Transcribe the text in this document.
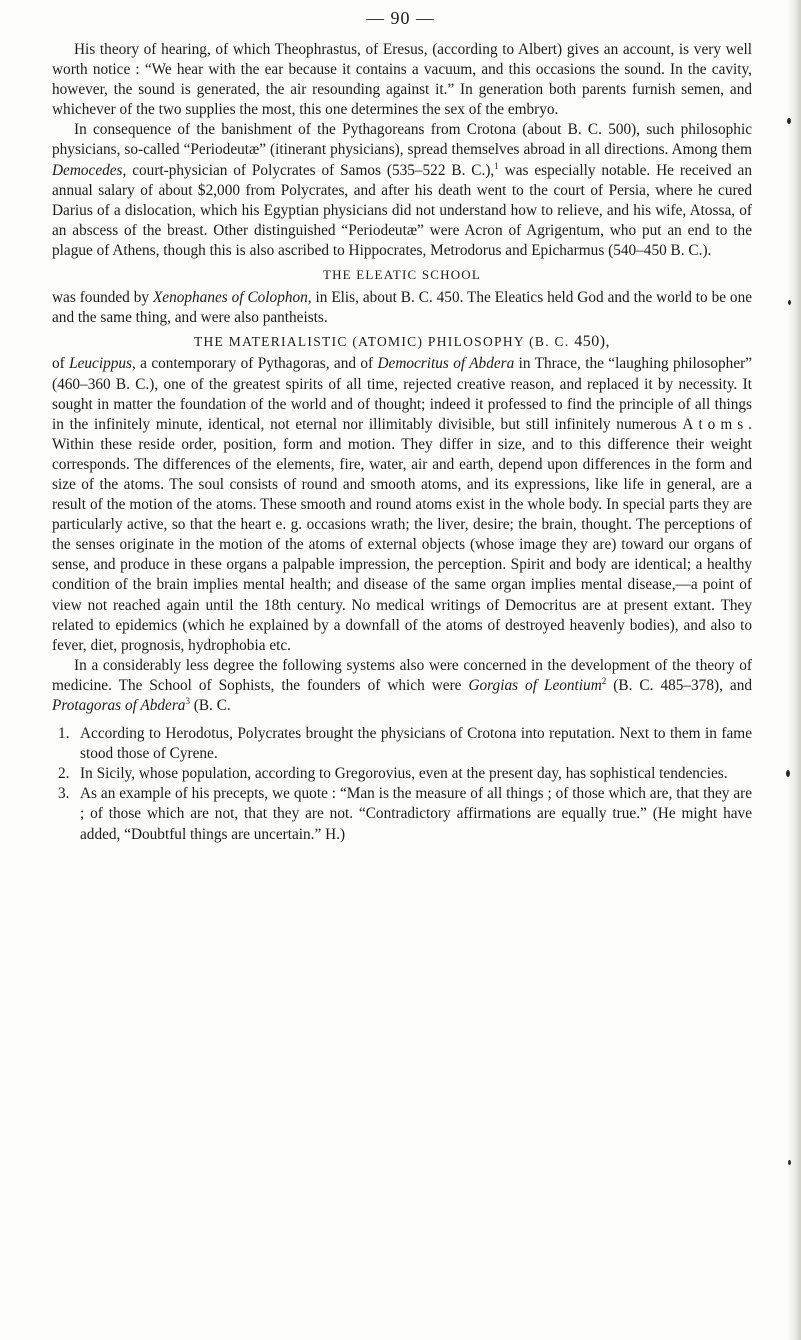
— 90 —

His theory of hearing, of which Theophrastus, of Eresus, (according to Albert) gives an account, is very well worth notice : “We hear with the ear because it contains a vacuum, and this occasions the sound. In the cavity, however, the sound is generated, the air resounding against it.” In generation both parents furnish semen, and whichever of the two supplies the most, this one determines the sex of the embryo.

In consequence of the banishment of the Pythagoreans from Crotona (about B. C. 500), such philosophic physicians, so-called “Periodeutæ” (itinerant physicians), spread themselves abroad in all directions. Among them Democedes, court-physician of Polycrates of Samos (535–522 B. C.),$^1$ was especially notable. He received an annual salary of about $2,000 from Polycrates, and after his death went to the court of Persia, where he cured Darius of a dislocation, which his Egyptian physicians did not understand how to relieve, and his wife, Atossa, of an abscess of the breast. Other distinguished “Periodeutæ” were Acron of Agrigentum, who put an end to the plague of Athens, though this is also ascribed to Hippocrates, Metrodorus and Epicharmus (540–450 B. C.).

THE ELEATIC SCHOOL

was founded by Xenophanes of Colophon, in Elis, about B. C. 450. The Eleatics held God and the world to be one and the same thing, and were also pantheists.

THE MATERIALISTIC (ATOMIC) PHILOSOPHY (B. C. 450),

of Leucippus, a contemporary of Pythagoras, and of Democritus of Abdera in Thrace, the “laughing philosopher” (460–360 B. C.), one of the greatest spirits of all time, rejected creative reason, and replaced it by necessity. It sought in matter the foundation of the world and of thought; indeed it professed to find the principle of all things in the infinitely minute, identical, not eternal nor illimitably divisible, but still infinitely numerous Atoms. Within these reside order, position, form and motion. They differ in size, and to this difference their weight corresponds. The differences of the elements, fire, water, air and earth, depend upon differences in the form and size of the atoms. The soul consists of round and smooth atoms, and its expressions, like life in general, are a result of the motion of the atoms. These smooth and round atoms exist in the whole body. In special parts they are particularly active, so that the heart e. g. occasions wrath; the liver, desire; the brain, thought. The perceptions of the senses originate in the motion of the atoms of external objects (whose image they are) toward our organs of sense, and produce in these organs a palpable impression, the perception. Spirit and body are identical; a healthy condition of the brain implies mental health; and disease of the same organ implies mental disease,—a point of view not reached again until the 18th century. No medical writings of Democritus are at present extant. They related to epidemics (which he explained by a downfall of the atoms of destroyed heavenly bodies), and also to fever, diet, prognosis, hydrophobia etc.

In a considerably less degree the following systems also were concerned in the development of the theory of medicine. The School of Sophists, the founders of which were Gorgias of Leontium$^2$ (B. C. 485–378), and Protagoras of Abdera$^3$ (B. C.

1. According to Herodotus, Polycrates brought the physicians of Crotona into reputation. Next to them in fame stood those of Cyrene.
2. In Sicily, whose population, according to Gregorovius, even at the present day, has sophistical tendencies.
3. As an example of his precepts, we quote : “Man is the measure of all things ; of those which are, that they are ; of those which are not, that they are not. “Contradictory affirmations are equally true.” (He might have added, “Doubtful things are uncertain.” H.)
